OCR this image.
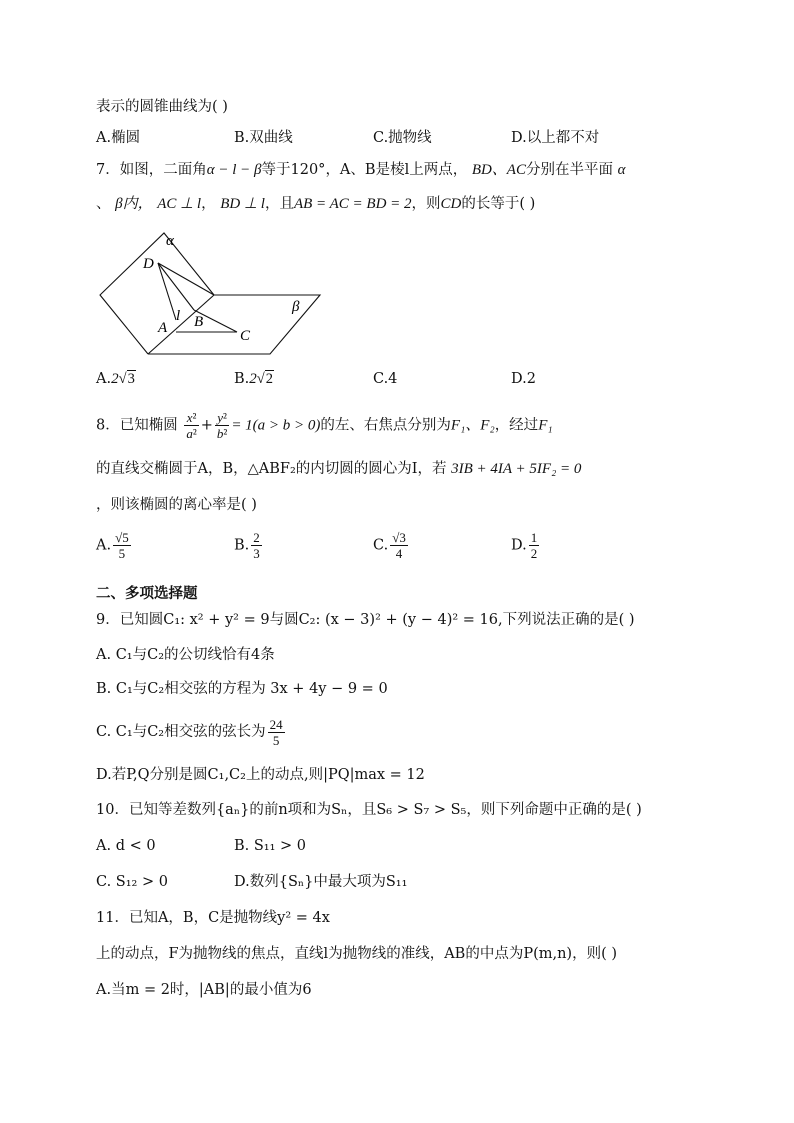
表示的圆锥曲线为( )
A.椭圆	B.双曲线	C.抛物线	D.以上都不对
7．如图，二面角α − l − β等于120°，A、B是棱l上两点， BD、AC分别在半平面 α
、 β内， AC ⊥ l， BD ⊥ l，且AB = AC = BD = 2，则CD的长等于( )
α
D
β
l B
A	C
A.2√3	B.2√2	C.4	D.2
8．已知椭圆 $\frac{\text{x²}}{\text{a²}} + \frac{\text{y²}}{\text{b²}} = 1(a > b > 0)$的左、右焦点分别为F₁、F₂，经过F₁
的直线交椭圆于A，B，△ABF₂的内切圆的圆心为I，若 3IB + 4IA + 5IF₂ = 0
，则该椭圆的离心率是( )
A. $\frac{√5}{5}$	B. $\frac{2}{3}$	C. $\frac{√3}{4}$	D. $\frac{1}{2}$
二、多项选择题
9．已知圆C₁: x² + y² = 9与圆C₂: (x − 3)² + (y − 4)² = 16,下列说法正确的是( )
A. C₁与C₂的公切线恰有4条
B. C₁与C₂相交弦的方程为 3x + 4y − 9 = 0
C. C₁与C₂相交弦的弦长为 $\frac{24}{5}$
D.若P,Q分别是圆C₁,C₂上的动点,则|PQ|max = 12
10．已知等差数列{aₙ}的前n项和为Sₙ，且S₆ > S₇ > S₅，则下列命题中正确的是( )
A. d < 0	B. S₁₁ > 0
C. S₁₂ > 0	D.数列{Sₙ}中最大项为S₁₁
11．已知A，B，C是抛物线y² = 4x
上的动点，F为抛物线的焦点，直线l为抛物线的准线，AB的中点为P(m,n)，则( )
A.当m = 2时，|AB|的最小值为6
